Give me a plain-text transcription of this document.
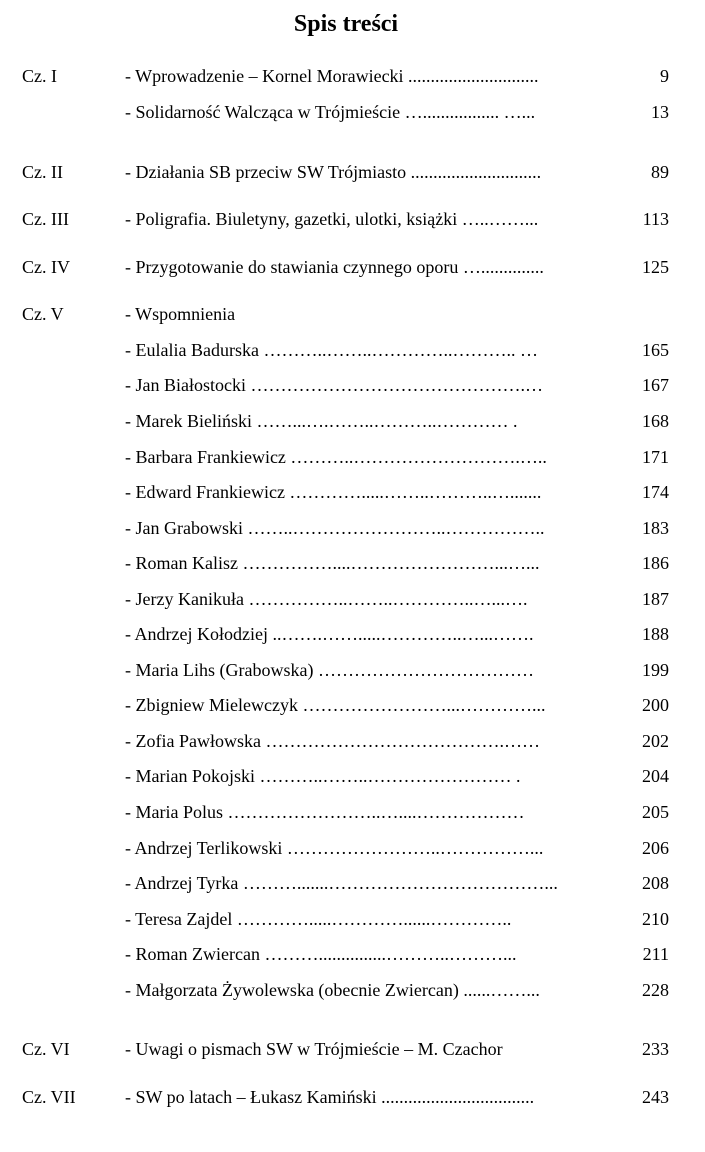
Spis treści
Cz. I	- Wprowadzenie – Kornel Morawiecki .............................	9
- Solidarność Walcząca w Trójmieście …................. …...	13
Cz. II	- Działania SB przeciw SW Trójmiasto .............................	89
Cz. III	- Poligrafia. Biuletyny, gazetki, ulotki, książki …..……...	113
Cz. IV	- Przygotowanie do stawiania czynnego oporu …..............	125
Cz. V	- Wspomnienia
- Eulalia Badurska ………..……..…………..……….. …	165
- Jan Białostocki ……………………………………….…	167
- Marek Bieliński ……...….……..………..………… .	168
- Barbara Frankiewicz ………..……………………….…..	171
- Edward Frankiewicz ………….....……..………..….......	174
- Jan Grabowski ……..……………………..……………..	183
- Roman Kalisz ……………....……………………...…...	186
- Jerzy Kanikuła ……………..……..…………..…...….	187
- Andrzej Kołodziej ..…….…….....…………..…...…….	188
- Maria Lihs (Grabowska) ………………………………	199
- Zbigniew Mielewczyk ……………………...…………...	200
- Zofia Pawłowska ………………………………….……	202
- Marian Pokojski ………..……..…………………… .	204
- Maria Polus ……………………..…....………………	205
- Andrzej Terlikowski ……………………..……………...	206
- Andrzej Tyrka ……….......………………………………...	208
- Teresa Zajdel ………….....…………......…………..	210
- Roman Zwiercan ………...............………..………...	211
- Małgorzata Żywolewska (obecnie Zwiercan) ......……...	228
Cz. VI	- Uwagi o pismach SW w Trójmieście – M. Czachor	233
Cz. VII	- SW po latach – Łukasz Kamiński ..................................	243
